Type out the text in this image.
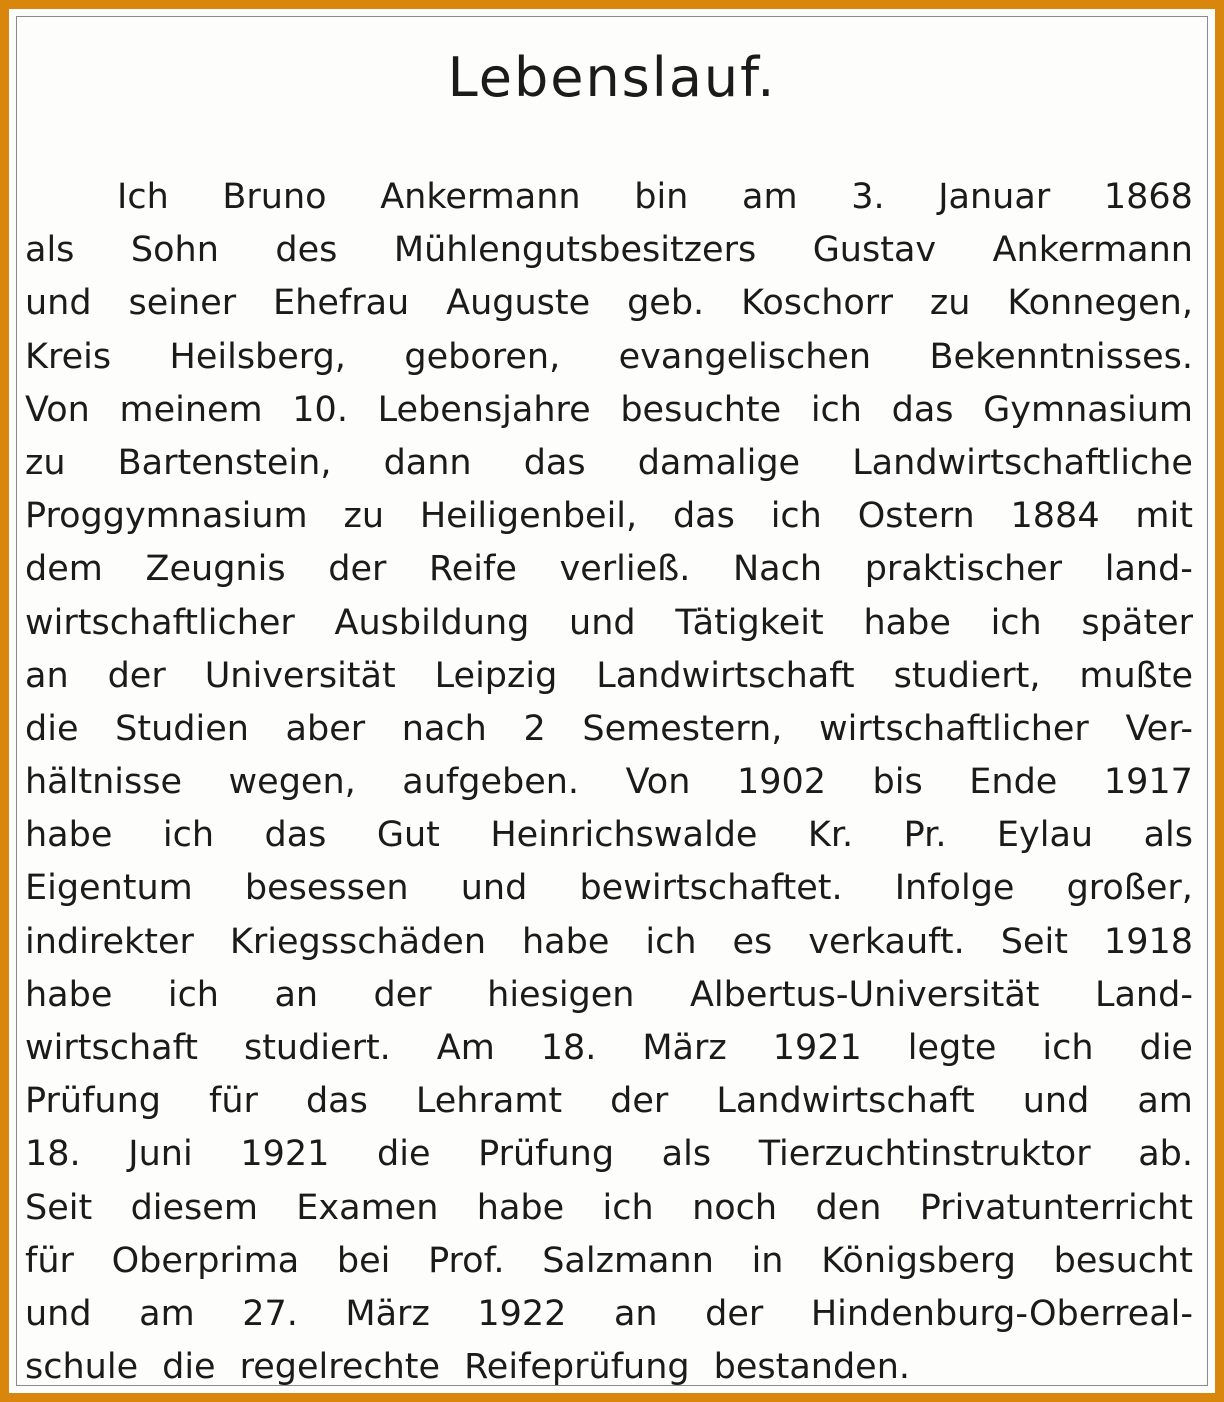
Lebenslauf.
Ich Bruno Ankermann bin am 3. Januar 1868
als Sohn des Mühlengutsbesitzers Gustav Ankermann
und seiner Ehefrau Auguste geb. Koschorr zu Konnegen,
Kreis Heilsberg, geboren, evangelischen Bekenntnisses.
Von meinem 10. Lebensjahre besuchte ich das Gymnasium
zu Bartenstein, dann das damalige Landwirtschaftliche
Proggymnasium zu Heiligenbeil, das ich Ostern 1884 mit
dem Zeugnis der Reife verließ. Nach praktischer land-
wirtschaftlicher Ausbildung und Tätigkeit habe ich später
an der Universität Leipzig Landwirtschaft studiert, mußte
die Studien aber nach 2 Semestern, wirtschaftlicher Ver-
hältnisse wegen, aufgeben. Von 1902 bis Ende 1917
habe ich das Gut Heinrichswalde Kr. Pr. Eylau als
Eigentum besessen und bewirtschaftet. Infolge großer,
indirekter Kriegsschäden habe ich es verkauft. Seit 1918
habe ich an der hiesigen Albertus-Universität Land-
wirtschaft studiert. Am 18. März 1921 legte ich die
Prüfung für das Lehramt der Landwirtschaft und am
18. Juni 1921 die Prüfung als Tierzuchtinstruktor ab.
Seit diesem Examen habe ich noch den Privatunterricht
für Oberprima bei Prof. Salzmann in Königsberg besucht
und am 27. März 1922 an der Hindenburg-Oberreal-
schule die regelrechte Reifeprüfung bestanden.
